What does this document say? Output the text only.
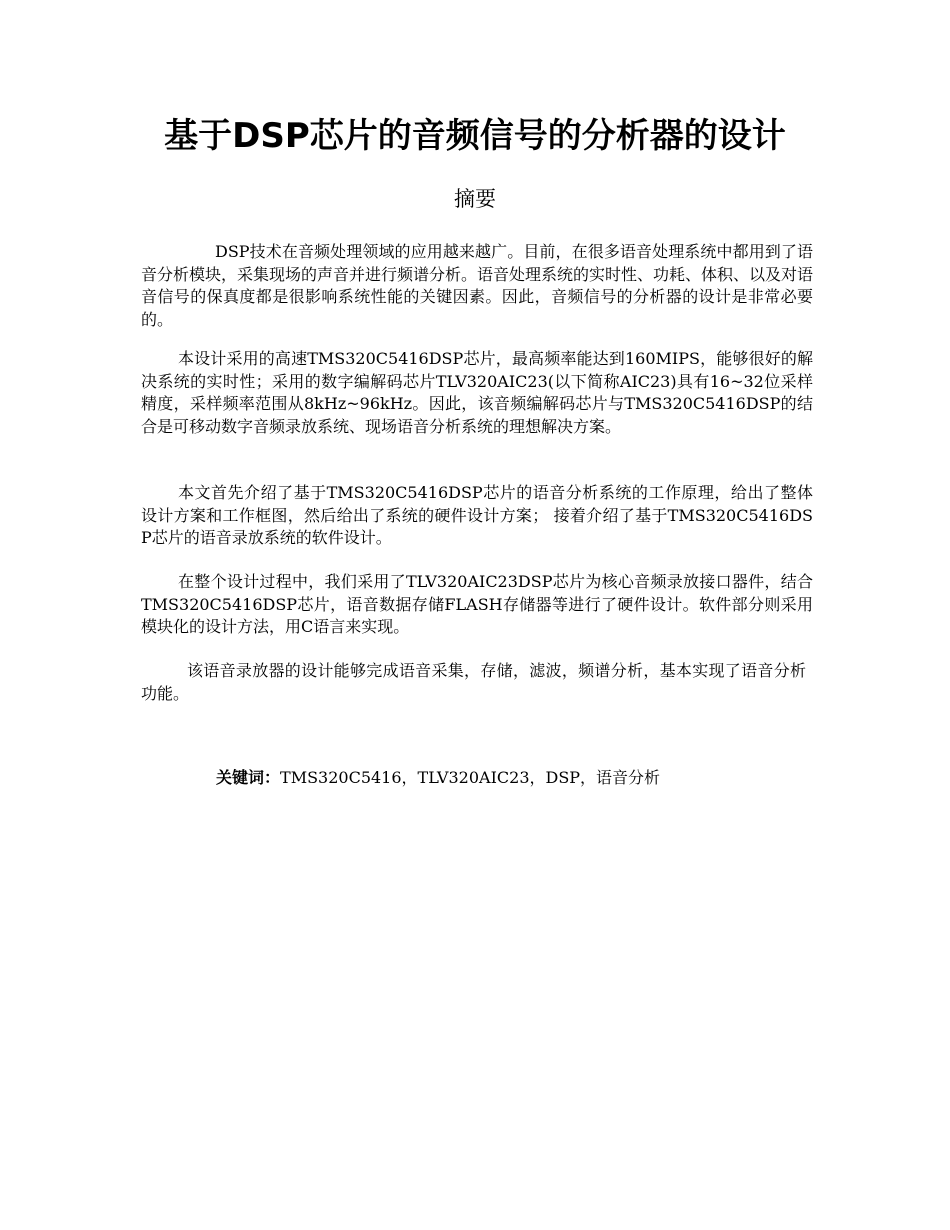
基于DSP芯片的音频信号的分析器的设计
摘要
DSP技术在音频处理领域的应用越来越广。目前，在很多语音处理系统中都用到了语音分析模块，采集现场的声音并进行频谱分析。语音处理系统的实时性、功耗、体积、以及对语音信号的保真度都是很影响系统性能的关键因素。因此，音频信号的分析器的设计是非常必要的。
本设计采用的高速TMS320C5416DSP芯片，最高频率能达到160MIPS，能够很好的解决系统的实时性；采用的数字编解码芯片TLV320AIC23(以下简称AIC23)具有16~32位采样精度，采样频率范围从8kHz~96kHz。因此，该音频编解码芯片与TMS320C5416DSP的结合是可移动数字音频录放系统、现场语音分析系统的理想解决方案。
本文首先介绍了基于TMS320C5416DSP芯片的语音分析系统的工作原理，给出了整体设计方案和工作框图，然后给出了系统的硬件设计方案； 接着介绍了基于TMS320C5416DSP芯片的语音录放系统的软件设计。
在整个设计过程中，我们采用了TLV320AIC23DSP芯片为核心音频录放接口器件，结合TMS320C5416DSP芯片，语音数据存储FLASH存储器等进行了硬件设计。软件部分则采用模块化的设计方法，用C语言来实现。
该语音录放器的设计能够完成语音采集，存储，滤波，频谱分析，基本实现了语音分析功能。
关键词：TMS320C5416，TLV320AIC23，DSP，语音分析
